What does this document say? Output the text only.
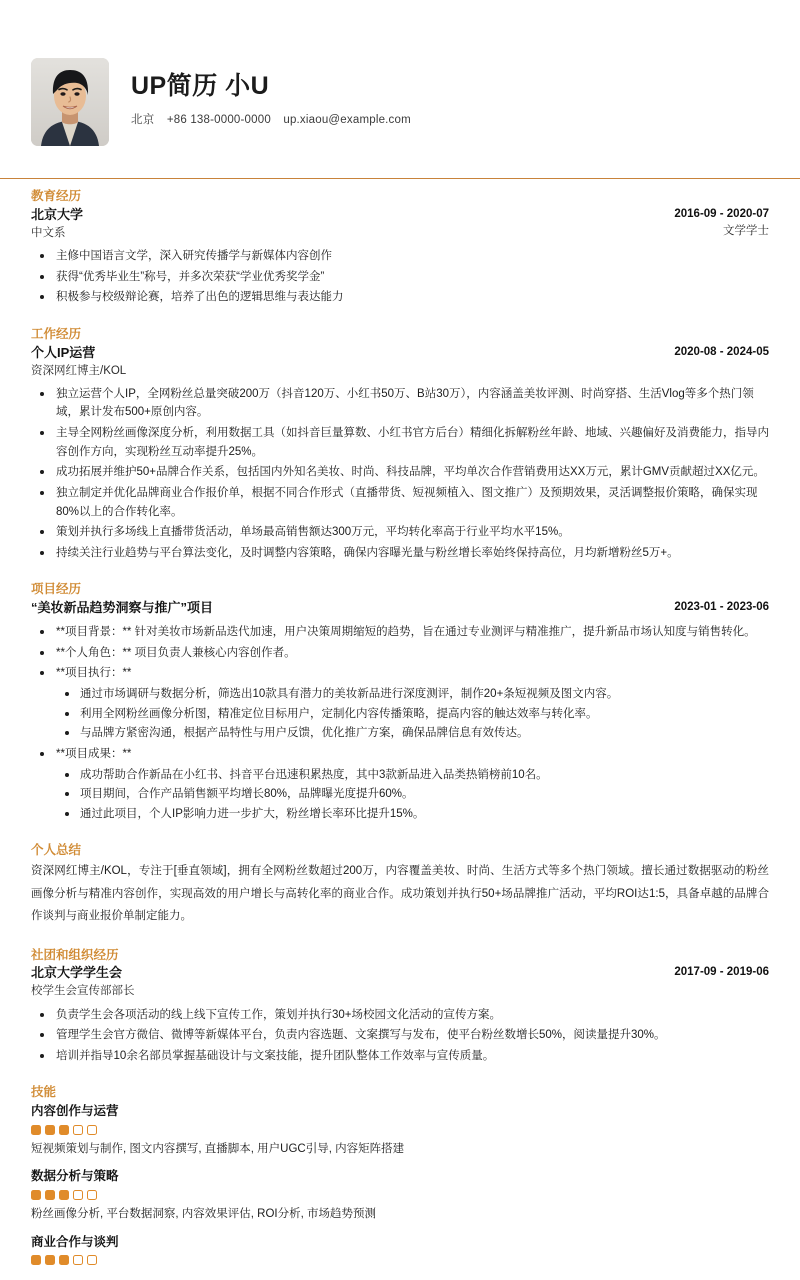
UP简历 小U
北京 +86 138-0000-0000 up.xiaou@example.com
教育经历
北京大学
中文系
2016-09 - 2020-07
文学学士
主修中国语言文学，深入研究传播学与新媒体内容创作
获得“优秀毕业生”称号，并多次荣获“学业优秀奖学金”
积极参与校级辩论赛，培养了出色的逻辑思维与表达能力
工作经历
个人IP运营
资深网红博主/KOL
2020-08 - 2024-05
独立运营个人IP，全网粉丝总量突破200万（抖音120万、小红书50万、B站30万），内容涵盖美妆评测、时尚穿搭、生活Vlog等多个热门领域，累计发布500+原创内容。
主导全网粉丝画像深度分析，利用数据工具（如抖音巨量算数、小红书官方后台）精细化拆解粉丝年龄、地域、兴趣偏好及消费能力，指导内容创作方向，实现粉丝互动率提升25%。
成功拓展并维护50+品牌合作关系，包括国内外知名美妆、时尚、科技品牌，平均单次合作营销费用达XX万元，累计GMV贡献超过XX亿元。
独立制定并优化品牌商业合作报价单，根据不同合作形式（直播带货、短视频植入、图文推广）及预期效果，灵活调整报价策略，确保实现80%以上的合作转化率。
策划并执行多场线上直播带货活动，单场最高销售额达300万元，平均转化率高于行业平均水平15%。
持续关注行业趋势与平台算法变化，及时调整内容策略，确保内容曝光量与粉丝增长率始终保持高位，月均新增粉丝5万+。
项目经历
“美妆新品趋势洞察与推广”项目	2023-01 - 2023-06
**项目背景：** 针对美妆市场新品迭代加速，用户决策周期缩短的趋势，旨在通过专业测评与精准推广，提升新品市场认知度与销售转化。
**个人角色：** 项目负责人兼核心内容创作者。
**项目执行：**
通过市场调研与数据分析，筛选出10款具有潜力的美妆新品进行深度测评，制作20+条短视频及图文内容。
利用全网粉丝画像分析图，精准定位目标用户，定制化内容传播策略，提高内容的触达效率与转化率。
与品牌方紧密沟通，根据产品特性与用户反馈，优化推广方案，确保品牌信息有效传达。
**项目成果：**
成功帮助合作新品在小红书、抖音平台迅速积累热度，其中3款新品进入品类热销榜前10名。
项目期间，合作产品销售额平均增长80%，品牌曝光度提升60%。
通过此项目，个人IP影响力进一步扩大，粉丝增长率环比提升15%。
个人总结
资深网红博主/KOL，专注于[垂直领域]，拥有全网粉丝数超过200万，内容覆盖美妆、时尚、生活方式等多个热门领域。擅长通过数据驱动的粉丝画像分析与精准内容创作，实现高效的用户增长与高转化率的商业合作。成功策划并执行50+场品牌推广活动，平均ROI达1:5，具备卓越的品牌合作谈判与商业报价单制定能力。
社团和组织经历
北京大学学生会
校学生会宣传部部长
2017-09 - 2019-06
负责学生会各项活动的线上线下宣传工作，策划并执行30+场校园文化活动的宣传方案。
管理学生会官方微信、微博等新媒体平台，负责内容选题、文案撰写与发布，使平台粉丝数增长50%，阅读量提升30%。
培训并指导10余名部员掌握基础设计与文案技能，提升团队整体工作效率与宣传质量。
技能
内容创作与运营
短视频策划与制作, 图文内容撰写, 直播脚本, 用户UGC引导, 内容矩阵搭建
数据分析与策略
粉丝画像分析, 平台数据洞察, 内容效果评估, ROI分析, 市场趋势预测
商业合作与谈判
